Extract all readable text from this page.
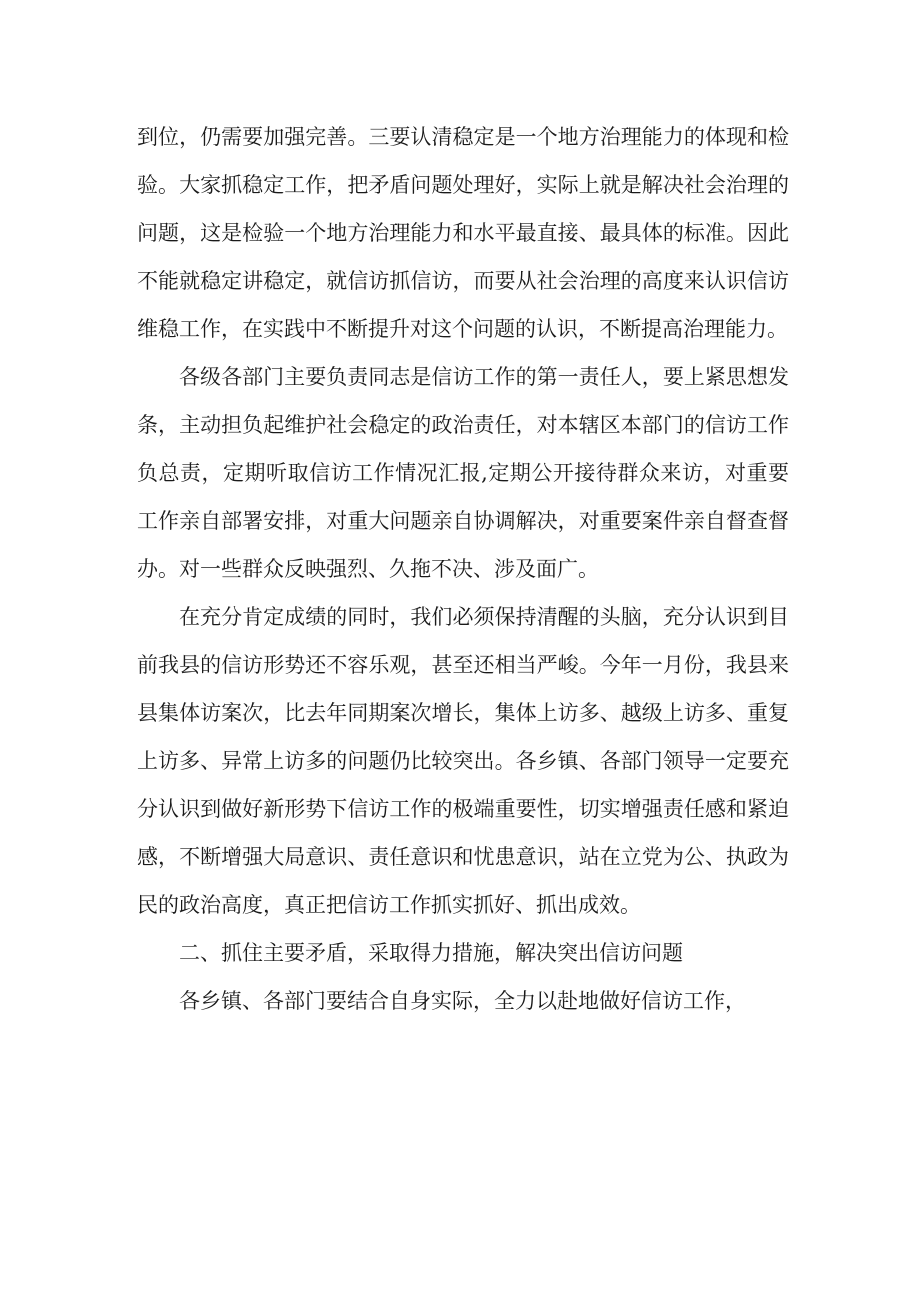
到位，仍需要加强完善。三要认清稳定是一个地方治理能力的体现和检验。大家抓稳定工作，把矛盾问题处理好，实际上就是解决社会治理的问题，这是检验一个地方治理能力和水平最直接、最具体的标准。因此不能就稳定讲稳定，就信访抓信访，而要从社会治理的高度来认识信访维稳工作，在实践中不断提升对这个问题的认识，不断提高治理能力。

各级各部门主要负责同志是信访工作的第一责任人，要上紧思想发条，主动担负起维护社会稳定的政治责任，对本辖区本部门的信访工作负总责，定期听取信访工作情况汇报,定期公开接待群众来访，对重要工作亲自部署安排，对重大问题亲自协调解决，对重要案件亲自督查督办。对一些群众反映强烈、久拖不决、涉及面广。

在充分肯定成绩的同时，我们必须保持清醒的头脑，充分认识到目前我县的信访形势还不容乐观，甚至还相当严峻。今年一月份，我县来县集体访案次，比去年同期案次增长，集体上访多、越级上访多、重复上访多、异常上访多的问题仍比较突出。各乡镇、各部门领导一定要充分认识到做好新形势下信访工作的极端重要性，切实增强责任感和紧迫感，不断增强大局意识、责任意识和忧患意识，站在立党为公、执政为民的政治高度，真正把信访工作抓实抓好、抓出成效。

二、抓住主要矛盾，采取得力措施，解决突出信访问题

各乡镇、各部门要结合自身实际，全力以赴地做好信访工作，
